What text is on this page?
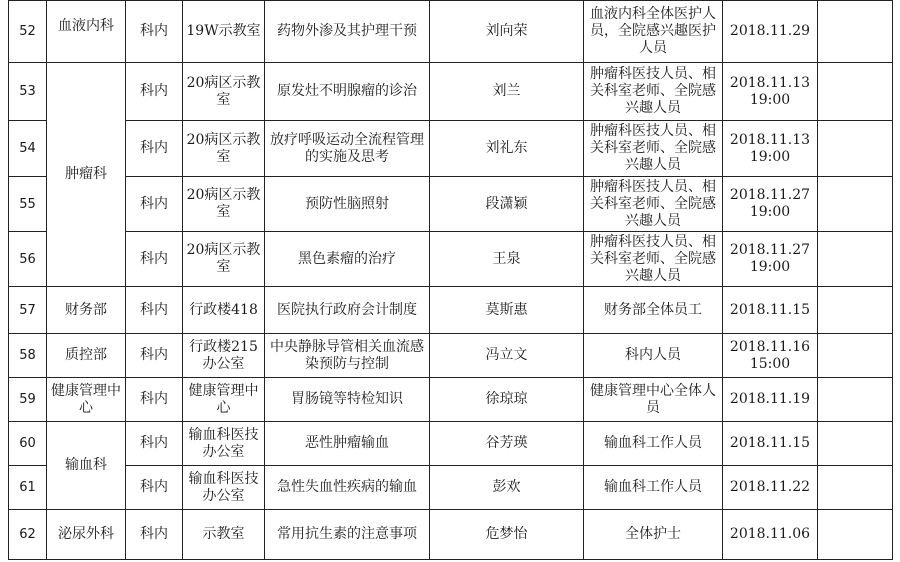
52	血液内科	科内	19W示教室	药物外渗及其护理干预	刘向荣	血液内科全体医护人员，全院感兴趣医护人员	2018.11.29	
53	肿瘤科	科内	20病区示教室	原发灶不明腺瘤的诊治	刘兰	肿瘤科医技人员、相关科室老师、全院感兴趣人员	2018.11.13 19:00	
54		科内	20病区示教室	放疗呼吸运动全流程管理的实施及思考	刘礼东	肿瘤科医技人员、相关科室老师、全院感兴趣人员	2018.11.13 19:00	
55		科内	20病区示教室	预防性脑照射	段潇颖	肿瘤科医技人员、相关科室老师、全院感兴趣人员	2018.11.27 19:00	
56		科内	20病区示教室	黑色素瘤的治疗	王泉	肿瘤科医技人员、相关科室老师、全院感兴趣人员	2018.11.27 19:00	
57	财务部	科内	行政楼418	医院执行政府会计制度	莫斯惠	财务部全体员工	2018.11.15	
58	质控部	科内	行政楼215办公室	中央静脉导管相关血流感染预防与控制	冯立文	科内人员	2018.11.16 15:00	
59	健康管理中心	科内	健康管理中心	胃肠镜等特检知识	徐琼琼	健康管理中心全体人员	2018.11.19	
60	输血科	科内	输血科医技办公室	恶性肿瘤输血	谷芳瑛	输血科工作人员	2018.11.15	
61		科内	输血科医技办公室	急性失血性疾病的输血	彭欢	输血科工作人员	2018.11.22	
62	泌尿外科	科内	示教室	常用抗生素的注意事项	危梦怡	全体护士	2018.11.06	
